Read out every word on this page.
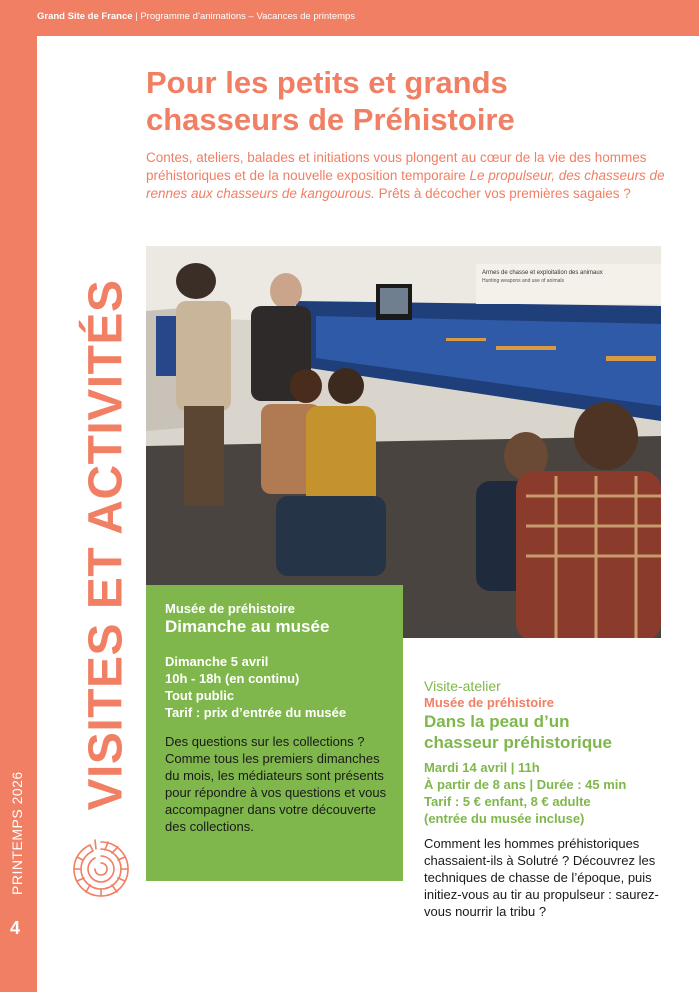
Grand Site de France | Programme d’animations – Vacances de printemps
PRINTEMPS 2026
4
VISITES ET ACTIVITÉS
Pour les petits et grands
chasseurs de Préhistoire
Contes, ateliers, balades et initiations vous plongent au cœur de la vie des hommes préhistoriques et de la nouvelle exposition temporaire Le propulseur, des chasseurs de rennes aux chasseurs de kangourous. Prêts à décocher vos premières sagaies ?
Armes de chasse et exploitation des animaux
Hunting weapons and use of animals
Musée de préhistoire
Dimanche au musée
Dimanche 5 avril
10h - 18h (en continu)
Tout public
Tarif : prix d’entrée du musée
Des questions sur les collections ? Comme tous les premiers dimanches du mois, les médiateurs sont présents pour répondre à vos questions et vous accompagner dans votre découverte des collections.
Visite-atelier
Musée de préhistoire
Dans la peau d’un
chasseur préhistorique
Mardi 14 avril | 11h
À partir de 8 ans | Durée : 45 min
Tarif : 5 € enfant, 8 € adulte
(entrée du musée incluse)
Comment les hommes préhistoriques chassaient-ils à Solutré ? Découvrez les techniques de chasse de l’époque, puis initiez-vous au tir au propulseur : saurez-vous nourrir la tribu ?
